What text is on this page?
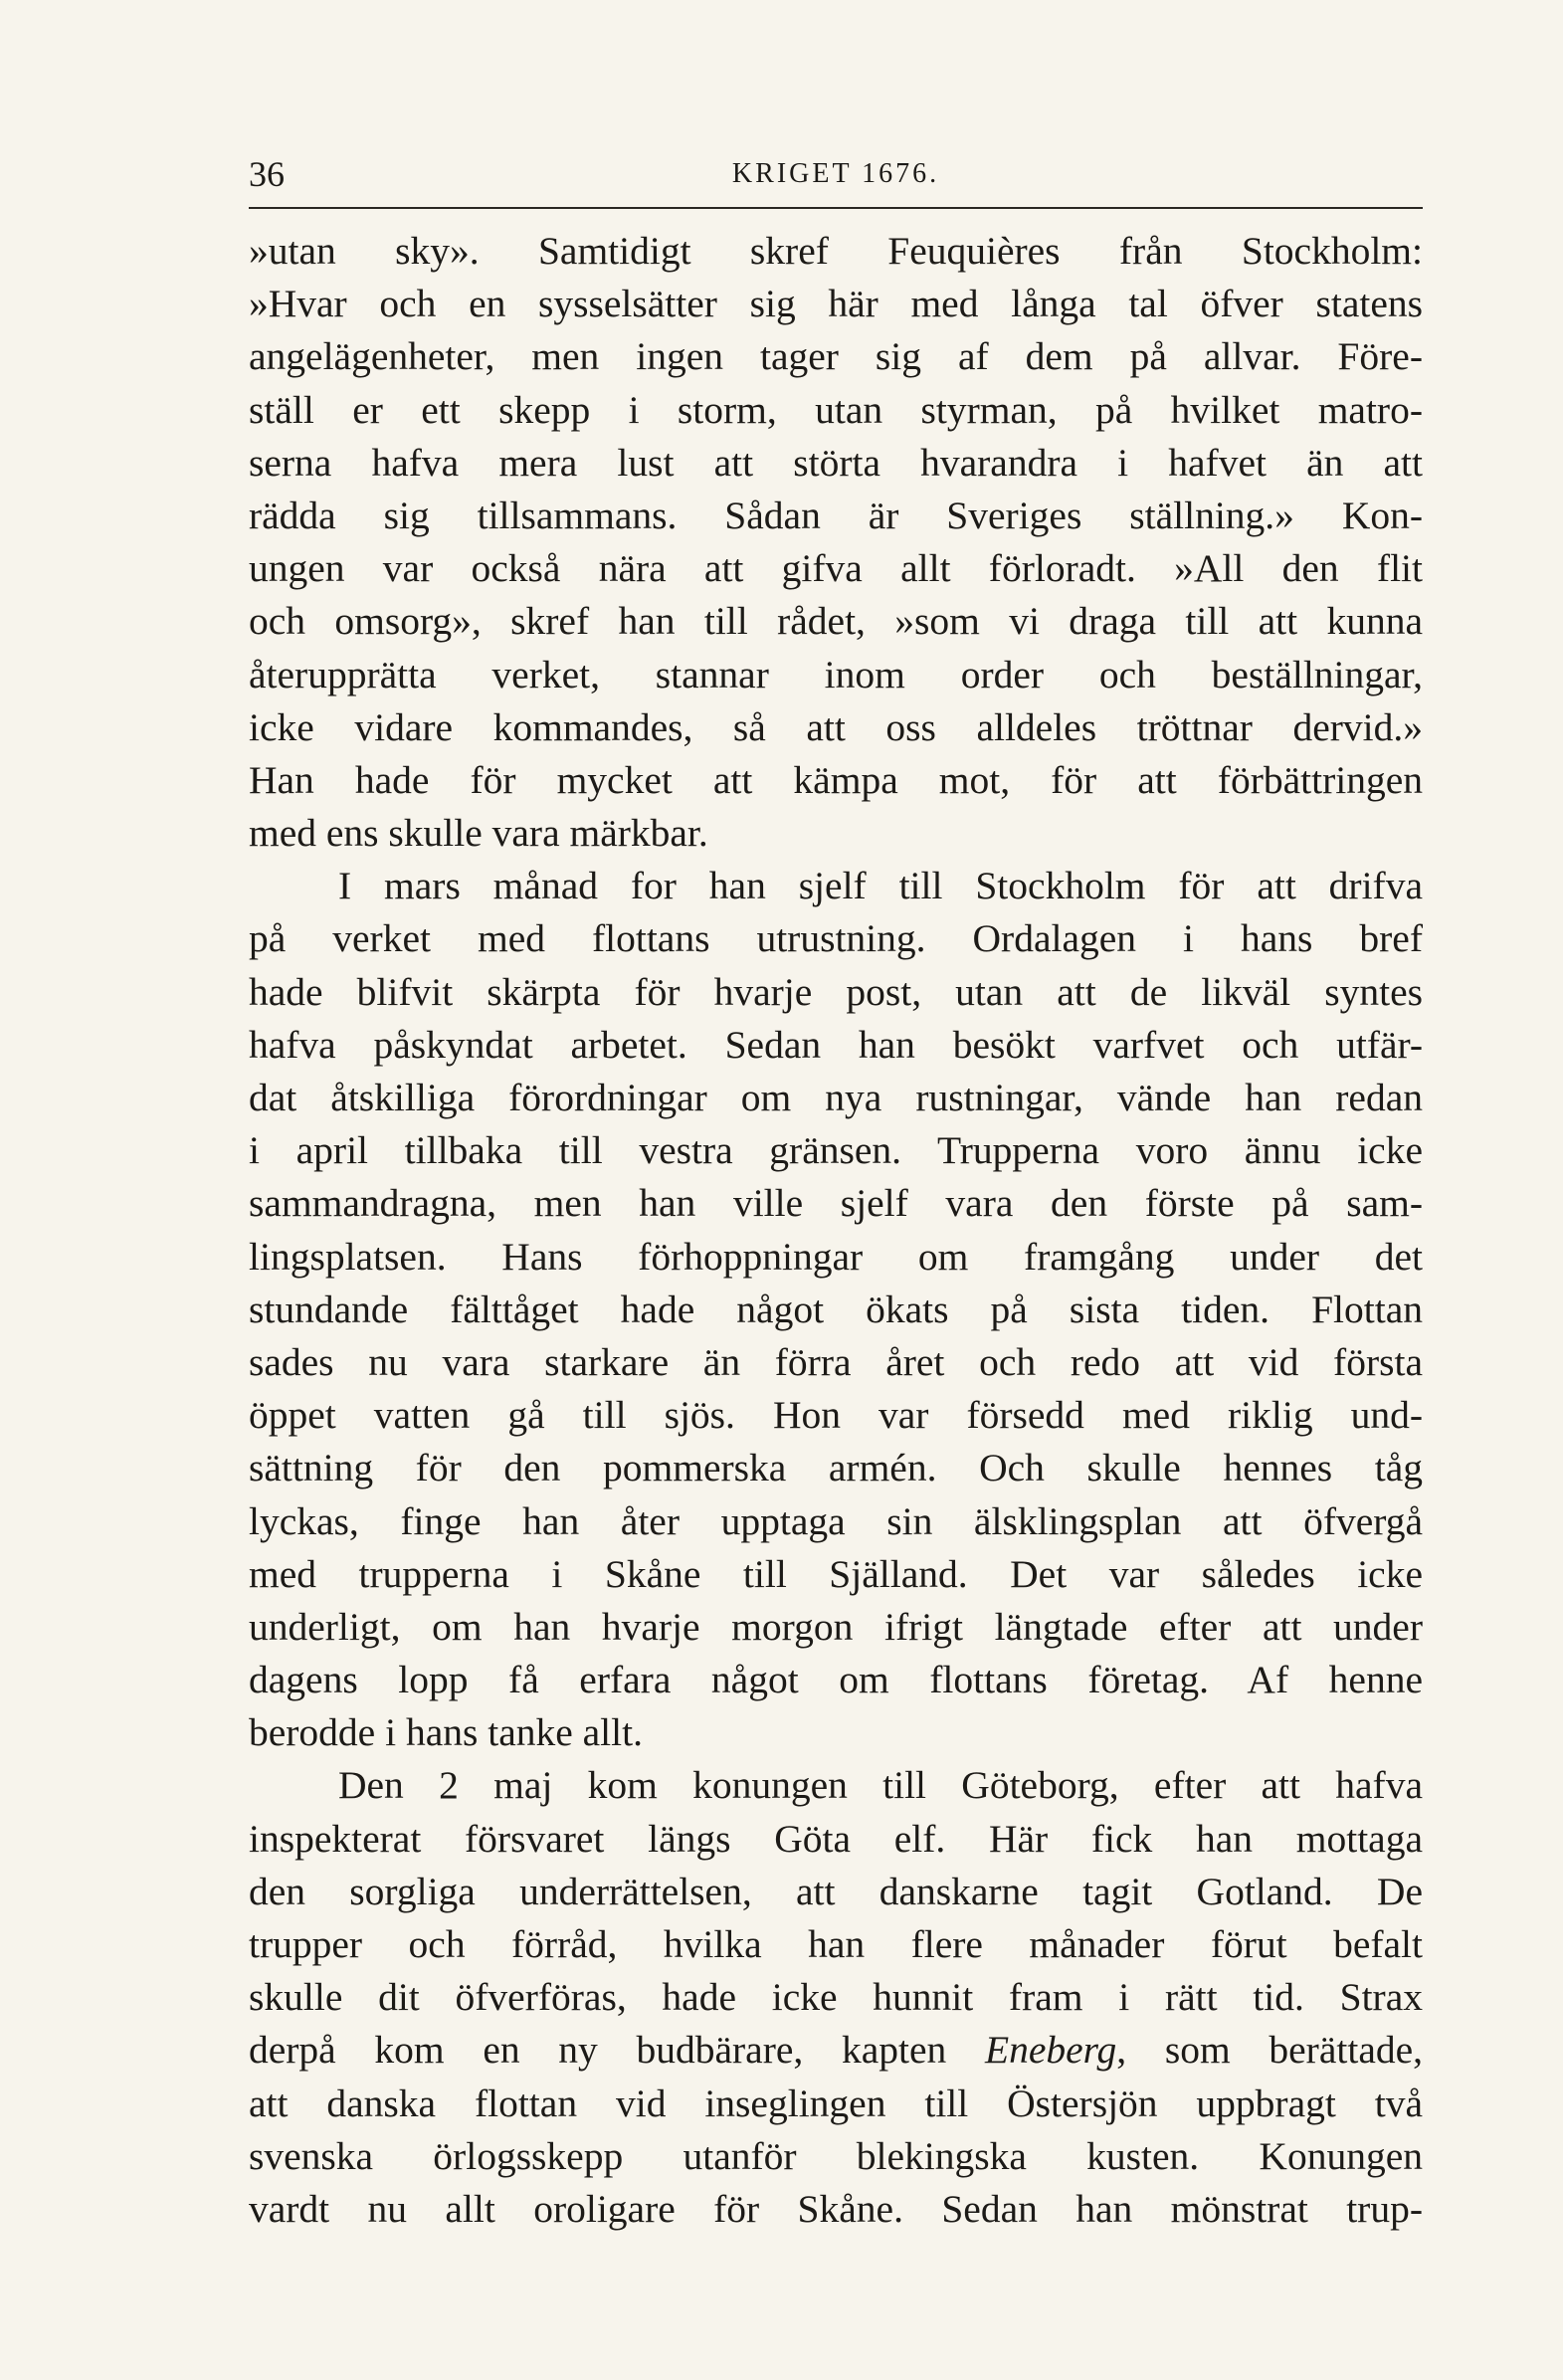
36	KRIGET 1676.
»utan sky». Samtidigt skref Feuquières från Stockholm:
»Hvar och en sysselsätter sig här med långa tal öfver statens
angelägenheter, men ingen tager sig af dem på allvar. Före-
ställ er ett skepp i storm, utan styrman, på hvilket matro-
serna hafva mera lust att störta hvarandra i hafvet än att
rädda sig tillsammans. Sådan är Sveriges ställning.» Kon-
ungen var också nära att gifva allt förloradt. »All den flit
och omsorg», skref han till rådet, »som vi draga till att kunna
återupprätta verket, stannar inom order och beställningar,
icke vidare kommandes, så att oss alldeles tröttnar dervid.»
Han hade för mycket att kämpa mot, för att förbättringen
med ens skulle vara märkbar.
I mars månad for han sjelf till Stockholm för att drifva
på verket med flottans utrustning. Ordalagen i hans bref
hade blifvit skärpta för hvarje post, utan att de likväl syntes
hafva påskyndat arbetet. Sedan han besökt varfvet och utfär-
dat åtskilliga förordningar om nya rustningar, vände han redan
i april tillbaka till vestra gränsen. Trupperna voro ännu icke
sammandragna, men han ville sjelf vara den förste på sam-
lingsplatsen. Hans förhoppningar om framgång under det
stundande fälttåget hade något ökats på sista tiden. Flottan
sades nu vara starkare än förra året och redo att vid första
öppet vatten gå till sjös. Hon var försedd med riklig und-
sättning för den pommerska armén. Och skulle hennes tåg
lyckas, finge han åter upptaga sin älsklingsplan att öfvergå
med trupperna i Skåne till Själland. Det var således icke
underligt, om han hvarje morgon ifrigt längtade efter att under
dagens lopp få erfara något om flottans företag. Af henne
berodde i hans tanke allt.
Den 2 maj kom konungen till Göteborg, efter att hafva
inspekterat försvaret längs Göta elf. Här fick han mottaga
den sorgliga underrättelsen, att danskarne tagit Gotland. De
trupper och förråd, hvilka han flere månader förut befalt
skulle dit öfverföras, hade icke hunnit fram i rätt tid. Strax
derpå kom en ny budbärare, kapten Eneberg, som berättade,
att danska flottan vid inseglingen till Östersjön uppbragt två
svenska örlogsskepp utanför blekingska kusten. Konungen
vardt nu allt oroligare för Skåne. Sedan han mönstrat trup-
